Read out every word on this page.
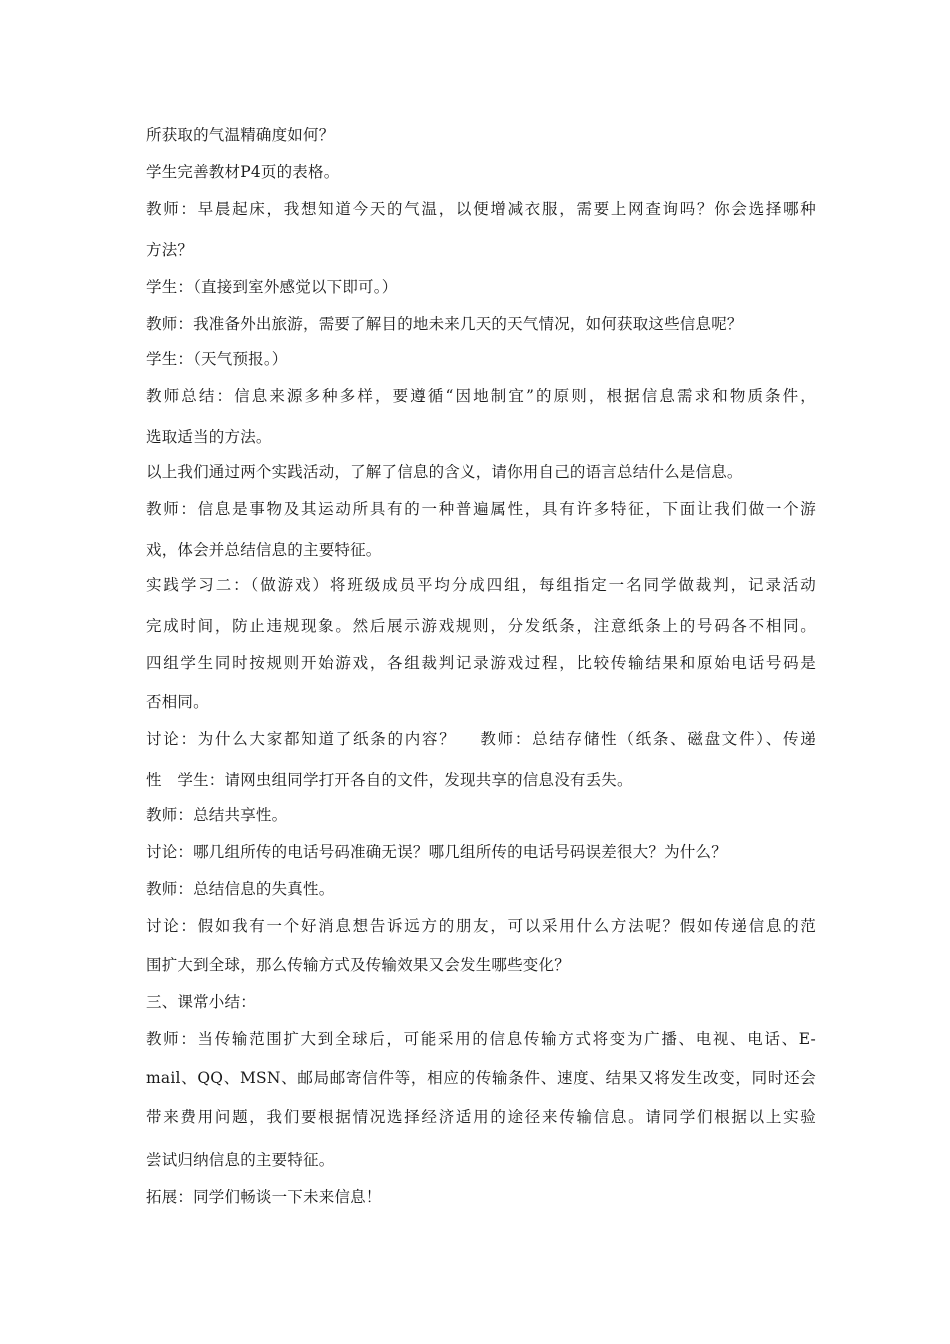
所获取的气温精确度如何？
学生完善教材P4页的表格。
教师：早晨起床，我想知道今天的气温，以便增减衣服，需要上网查询吗？你会选择哪种
方法？
学生：（直接到室外感觉以下即可。）
教师：我准备外出旅游，需要了解目的地未来几天的天气情况，如何获取这些信息呢？
学生：（天气预报。）
教师总结：信息来源多种多样，要遵循“因地制宜”的原则，根据信息需求和物质条件，
选取适当的方法。
以上我们通过两个实践活动，了解了信息的含义，请你用自己的语言总结什么是信息。
教师：信息是事物及其运动所具有的一种普遍属性，具有许多特征，下面让我们做一个游
戏，体会并总结信息的主要特征。
实践学习二：（做游戏）将班级成员平均分成四组，每组指定一名同学做裁判，记录活动
完成时间，防止违规现象。然后展示游戏规则，分发纸条，注意纸条上的号码各不相同。
四组学生同时按规则开始游戏，各组裁判记录游戏过程，比较传输结果和原始电话号码是
否相同。
讨论：为什么大家都知道了纸条的内容？　 教师：总结存储性（纸条、磁盘文件）、传递
性　学生：请网虫组同学打开各自的文件，发现共享的信息没有丢失。
教师：总结共享性。
讨论：哪几组所传的电话号码准确无误？哪几组所传的电话号码误差很大？为什么？
教师：总结信息的失真性。
讨论：假如我有一个好消息想告诉远方的朋友，可以采用什么方法呢？假如传递信息的范
围扩大到全球，那么传输方式及传输效果又会发生哪些变化？
三、课常小结：
教师：当传输范围扩大到全球后，可能采用的信息传输方式将变为广播、电视、电话、E-
mail、QQ、MSN、邮局邮寄信件等，相应的传输条件、速度、结果又将发生改变，同时还会
带来费用问题，我们要根据情况选择经济适用的途径来传输信息。请同学们根据以上实验
尝试归纳信息的主要特征。
拓展：同学们畅谈一下未来信息！
